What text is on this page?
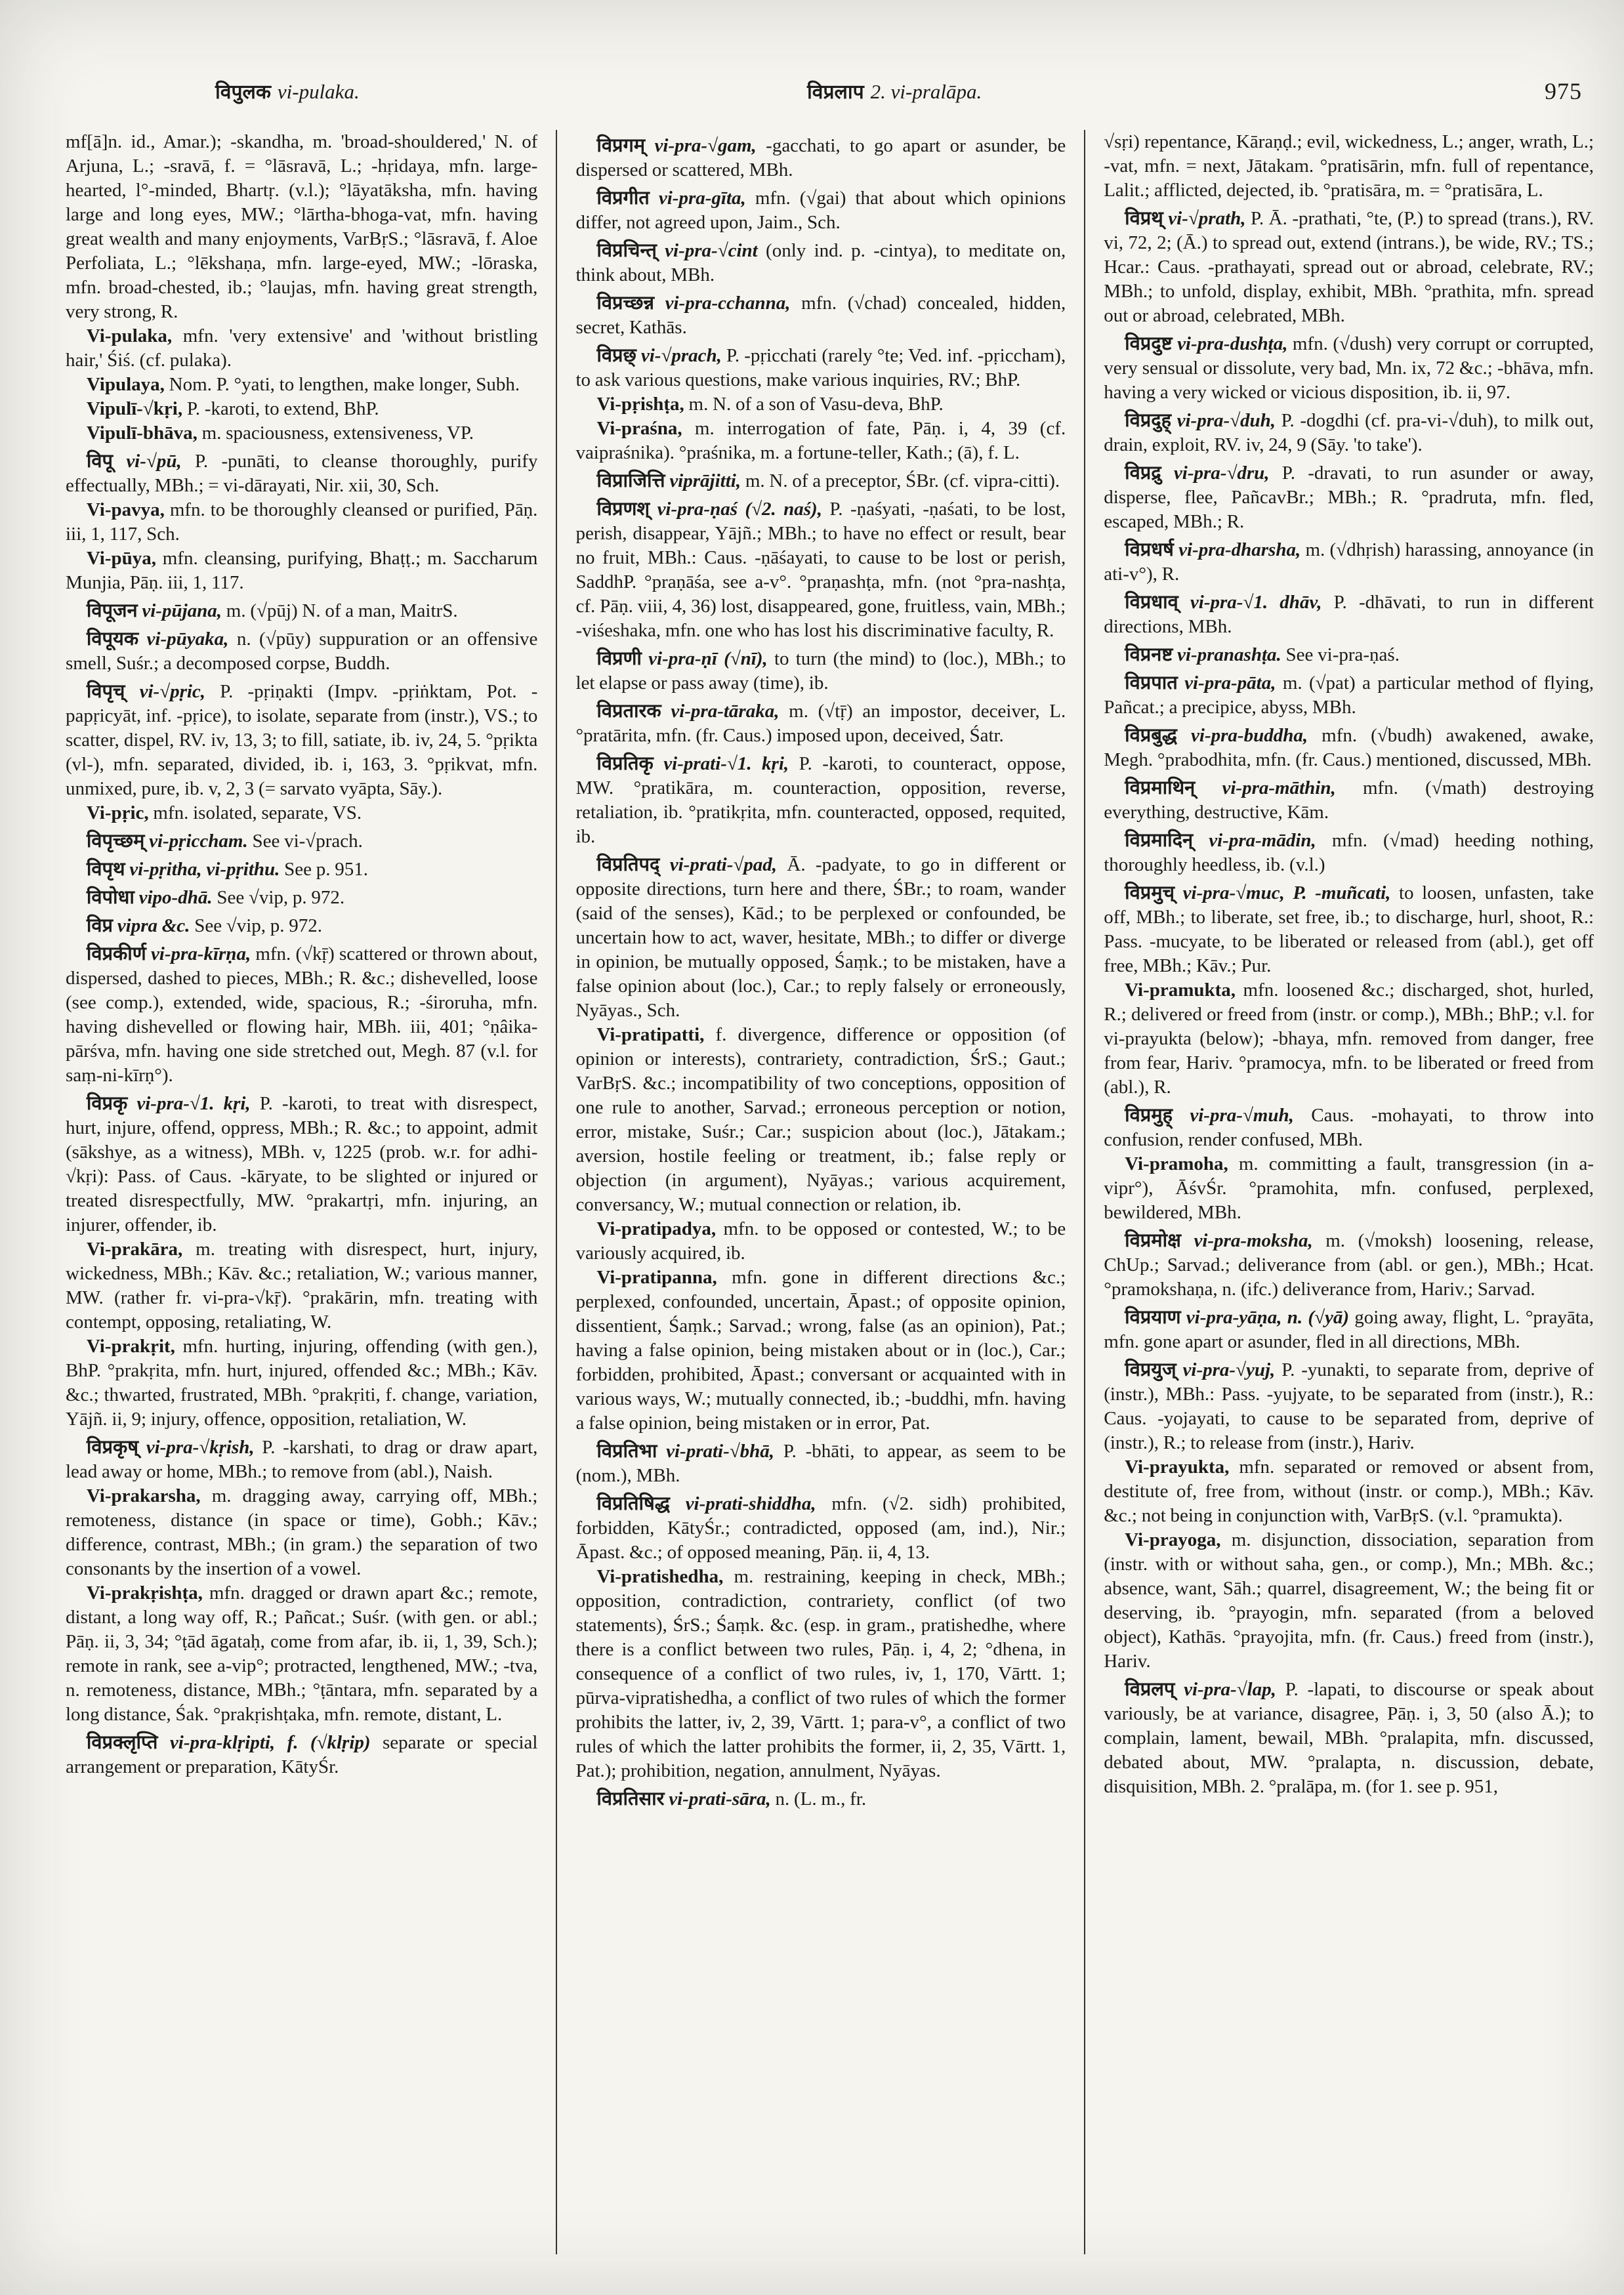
विपुलक vi-pulaka.	विप्रलाप 2. vi-pralāpa.	975

mf[ā]n. id., Amar.); -skandha, m. 'broad-shouldered,' N. of Arjuna, L.; -sravā, f. = °lāsravā, L.; -hṛidaya, mfn. large-hearted, l°-minded, Bhartṛ. (v.l.); °lāyatāksha, mfn. having large and long eyes, MW.; °lārtha-bhoga-vat, mfn. having great wealth and many enjoyments, VarBṛS.; °lāsravā, f. Aloe Perfoliata, L.; °lēkshaṇa, mfn. large-eyed, MW.; -lōraska, mfn. broad-chested, ib.; °laujas, mfn. having great strength, very strong, R.

Vi-pulaka, mfn. 'very extensive' and 'without bristling hair,' Śiś. (cf. pulaka).

Vipulaya, Nom. P. °yati, to lengthen, make longer, Subh.

Vipulī-√kṛi, P. -karoti, to extend, BhP.

Vipulī-bhāva, m. spaciousness, extensiveness, VP.

विपू vi-√pū, P. -punāti, to cleanse thoroughly, purify effectually, MBh.; = vi-dārayati, Nir. xii, 30, Sch.

Vi-pavya, mfn. to be thoroughly cleansed or purified, Pāṇ. iii, 1, 117, Sch.

Vi-pūya, mfn. cleansing, purifying, Bhaṭṭ.; m. Saccharum Munjia, Pāṇ. iii, 1, 117.

विपूजन vi-pūjana, m. (√pūj) N. of a man, MaitrS.

विपूयक vi-pūyaka, n. (√pūy) suppuration or an offensive smell, Suśr.; a decomposed corpse, Buddh.

विपृच् vi-√pṛic, P. -pṛiṇakti (Impv. -pṛiṅktam, Pot. -papṛicyāt, inf. -pṛice), to isolate, separate from (instr.), VS.; to scatter, dispel, RV. iv, 13, 3; to fill, satiate, ib. iv, 24, 5. °pṛikta (vl-), mfn. separated, divided, ib. i, 163, 3. °pṛikvat, mfn. unmixed, pure, ib. v, 2, 3 (= sarvato vyāpta, Sāy.).

Vi-pṛic, mfn. isolated, separate, VS.

विपृच्छम् vi-pṛiccham. See vi-√prach.

विपृथ vi-pṛitha, vi-pṛithu. See p. 951.

विपोधा vipo-dhā. See √vip, p. 972.

विप्र vipra &c. See √vip, p. 972.

विप्रकीर्ण vi-pra-kīrṇa, mfn. (√kṝ) scattered or thrown about, dispersed, dashed to pieces, MBh.; R. &c.; dishevelled, loose (see comp.), extended, wide, spacious, R.; -śiroruha, mfn. having dishevelled or flowing hair, MBh. iii, 401; °ṇâika-pārśva, mfn. having one side stretched out, Megh. 87 (v.l. for saṃ-ni-kīrṇ°).

विप्रकृ vi-pra-√1. kṛi, P. -karoti, to treat with disrespect, hurt, injure, offend, oppress, MBh.; R. &c.; to appoint, admit (sākshye, as a witness), MBh. v, 1225 (prob. w.r. for adhi-√kṛi): Pass. of Caus. -kāryate, to be slighted or injured or treated disrespectfully, MW. °prakartṛi, mfn. injuring, an injurer, offender, ib.

Vi-prakāra, m. treating with disrespect, hurt, injury, wickedness, MBh.; Kāv. &c.; retaliation, W.; various manner, MW. (rather fr. vi-pra-√kṝ). °prakārin, mfn. treating with contempt, opposing, retaliating, W.

Vi-prakṛit, mfn. hurting, injuring, offending (with gen.), BhP. °prakṛita, mfn. hurt, injured, offended &c.; MBh.; Kāv. &c.; thwarted, frustrated, MBh. °prakṛiti, f. change, variation, Yājñ. ii, 9; injury, offence, opposition, retaliation, W.

विप्रकृष् vi-pra-√kṛish, P. -karshati, to drag or draw apart, lead away or home, MBh.; to remove from (abl.), Naish.

Vi-prakarsha, m. dragging away, carrying off, MBh.; remoteness, distance (in space or time), Gobh.; Kāv.; difference, contrast, MBh.; (in gram.) the separation of two consonants by the insertion of a vowel.

Vi-prakṛishṭa, mfn. dragged or drawn apart &c.; remote, distant, a long way off, R.; Pañcat.; Suśr. (with gen. or abl.; Pāṇ. ii, 3, 34; °ṭād āgataḥ, come from afar, ib. ii, 1, 39, Sch.); remote in rank, see a-vip°; protracted, lengthened, MW.; -tva, n. remoteness, distance, MBh.; °ṭāntara, mfn. separated by a long distance, Śak. °prakṛishṭaka, mfn. remote, distant, L.

विप्रक्लृप्ति vi-pra-klṛipti, f. (√klṛip) separate or special arrangement or preparation, KātyŚr.

विप्रगम् vi-pra-√gam, -gacchati, to go apart or asunder, be dispersed or scattered, MBh.

विप्रगीत vi-pra-gīta, mfn. (√gai) that about which opinions differ, not agreed upon, Jaim., Sch.

विप्रचिन्त् vi-pra-√cint (only ind. p. -cintya), to meditate on, think about, MBh.

विप्रच्छन्न vi-pra-cchanna, mfn. (√chad) concealed, hidden, secret, Kathās.

विप्रछ् vi-√prach, P. -pṛicchati (rarely °te; Ved. inf. -pṛiccham), to ask various questions, make various inquiries, RV.; BhP.

Vi-pṛishṭa, m. N. of a son of Vasu-deva, BhP.

Vi-praśna, m. interrogation of fate, Pāṇ. i, 4, 39 (cf. vaipraśnika). °praśnika, m. a fortune-teller, Kath.; (ā), f. L.

विप्राजित्ति viprājitti, m. N. of a preceptor, ŚBr. (cf. vipra-citti).

विप्रणश् vi-pra-ṇaś (√2. naś), P. -ṇaśyati, -ṇaśati, to be lost, perish, disappear, Yājñ.; MBh.; to have no effect or result, bear no fruit, MBh.: Caus. -ṇāśayati, to cause to be lost or perish, SaddhP. °praṇāśa, see a-v°. °praṇashṭa, mfn. (not °pra-nashṭa, cf. Pāṇ. viii, 4, 36) lost, disappeared, gone, fruitless, vain, MBh.; -viśeshaka, mfn. one who has lost his discriminative faculty, R.

विप्रणी vi-pra-ṇī (√nī), to turn (the mind) to (loc.), MBh.; to let elapse or pass away (time), ib.

विप्रतारक vi-pra-tāraka, m. (√tṝ) an impostor, deceiver, L. °pratārita, mfn. (fr. Caus.) imposed upon, deceived, Śatr.

विप्रतिकृ vi-prati-√1. kṛi, P. -karoti, to counteract, oppose, MW. °pratikāra, m. counteraction, opposition, reverse, retaliation, ib. °pratikṛita, mfn. counteracted, opposed, requited, ib.

विप्रतिपद् vi-prati-√pad, Ā. -padyate, to go in different or opposite directions, turn here and there, ŚBr.; to roam, wander (said of the senses), Kād.; to be perplexed or confounded, be uncertain how to act, waver, hesitate, MBh.; to differ or diverge in opinion, be mutually opposed, Śaṃk.; to be mistaken, have a false opinion about (loc.), Car.; to reply falsely or erroneously, Nyāyas., Sch.

Vi-pratipatti, f. divergence, difference or opposition (of opinion or interests), contrariety, contradiction, ŚrS.; Gaut.; VarBṛS. &c.; incompatibility of two conceptions, opposition of one rule to another, Sarvad.; erroneous perception or notion, error, mistake, Suśr.; Car.; suspicion about (loc.), Jātakam.; aversion, hostile feeling or treatment, ib.; false reply or objection (in argument), Nyāyas.; various acquirement, conversancy, W.; mutual connection or relation, ib.

Vi-pratipadya, mfn. to be opposed or contested, W.; to be variously acquired, ib.

Vi-pratipanna, mfn. gone in different directions &c.; perplexed, confounded, uncertain, Āpast.; of opposite opinion, dissentient, Śaṃk.; Sarvad.; wrong, false (as an opinion), Pat.; having a false opinion, being mistaken about or in (loc.), Car.; forbidden, prohibited, Āpast.; conversant or acquainted with in various ways, W.; mutually connected, ib.; -buddhi, mfn. having a false opinion, being mistaken or in error, Pat.

विप्रतिभा vi-prati-√bhā, P. -bhāti, to appear, as seem to be (nom.), MBh.

विप्रतिषिद्ध vi-prati-shiddha, mfn. (√2. sidh) prohibited, forbidden, KātyŚr.; contradicted, opposed (am, ind.), Nir.; Āpast. &c.; of opposed meaning, Pāṇ. ii, 4, 13.

Vi-pratishedha, m. restraining, keeping in check, MBh.; opposition, contradiction, contrariety, conflict (of two statements), ŚrS.; Śaṃk. &c. (esp. in gram., pratishedhe, where there is a conflict between two rules, Pāṇ. i, 4, 2; °dhena, in consequence of a conflict of two rules, iv, 1, 170, Vārtt. 1; pūrva-vipratishedha, a conflict of two rules of which the former prohibits the latter, iv, 2, 39, Vārtt. 1; para-v°, a conflict of two rules of which the latter prohibits the former, ii, 2, 35, Vārtt. 1, Pat.); prohibition, negation, annulment, Nyāyas.

विप्रतिसार vi-prati-sāra, n. (L. m., fr.

√sṛi) repentance, Kāraṇḍ.; evil, wickedness, L.; anger, wrath, L.; -vat, mfn. = next, Jātakam. °pratisārin, mfn. full of repentance, Lalit.; afflicted, dejected, ib. °pratisāra, m. = °pratisāra, L.

विप्रथ् vi-√prath, P. Ā. -prathati, °te, (P.) to spread (trans.), RV. vi, 72, 2; (Ā.) to spread out, extend (intrans.), be wide, RV.; TS.; Hcar.: Caus. -prathayati, spread out or abroad, celebrate, RV.; MBh.; to unfold, display, exhibit, MBh. °prathita, mfn. spread out or abroad, celebrated, MBh.

विप्रदुष्ट vi-pra-dushṭa, mfn. (√dush) very corrupt or corrupted, very sensual or dissolute, very bad, Mn. ix, 72 &c.; -bhāva, mfn. having a very wicked or vicious disposition, ib. ii, 97.

विप्रदुह् vi-pra-√duh, P. -dogdhi (cf. pra-vi-√duh), to milk out, drain, exploit, RV. iv, 24, 9 (Sāy. 'to take').

विप्रद्रु vi-pra-√dru, P. -dravati, to run asunder or away, disperse, flee, PañcavBr.; MBh.; R. °pradruta, mfn. fled, escaped, MBh.; R.

विप्रधर्ष vi-pra-dharsha, m. (√dhṛish) harassing, annoyance (in ati-v°), R.

विप्रधाव् vi-pra-√1. dhāv, P. -dhāvati, to run in different directions, MBh.

विप्रनष्ट vi-pranashṭa. See vi-pra-ṇaś.

विप्रपात vi-pra-pāta, m. (√pat) a particular method of flying, Pañcat.; a precipice, abyss, MBh.

विप्रबुद्ध vi-pra-buddha, mfn. (√budh) awakened, awake, Megh. °prabodhita, mfn. (fr. Caus.) mentioned, discussed, MBh.

विप्रमाथिन् vi-pra-māthin, mfn. (√math) destroying everything, destructive, Kām.

विप्रमादिन् vi-pra-mādin, mfn. (√mad) heeding nothing, thoroughly heedless, ib. (v.l.)

विप्रमुच् vi-pra-√muc, P. -muñcati, to loosen, unfasten, take off, MBh.; to liberate, set free, ib.; to discharge, hurl, shoot, R.: Pass. -mucyate, to be liberated or released from (abl.), get off free, MBh.; Kāv.; Pur.

Vi-pramukta, mfn. loosened &c.; discharged, shot, hurled, R.; delivered or freed from (instr. or comp.), MBh.; BhP.; v.l. for vi-prayukta (below); -bhaya, mfn. removed from danger, free from fear, Hariv. °pramocya, mfn. to be liberated or freed from (abl.), R.

विप्रमुह् vi-pra-√muh, Caus. -mohayati, to throw into confusion, render confused, MBh.

Vi-pramoha, m. committing a fault, transgression (in a-vipr°), ĀśvŚr. °pramohita, mfn. confused, perplexed, bewildered, MBh.

विप्रमोक्ष vi-pra-moksha, m. (√moksh) loosening, release, ChUp.; Sarvad.; deliverance from (abl. or gen.), MBh.; Hcat. °pramokshaṇa, n. (ifc.) deliverance from, Hariv.; Sarvad.

विप्रयाण vi-pra-yāṇa, n. (√yā) going away, flight, L. °prayāta, mfn. gone apart or asunder, fled in all directions, MBh.

विप्रयुज् vi-pra-√yuj, P. -yunakti, to separate from, deprive of (instr.), MBh.: Pass. -yujyate, to be separated from (instr.), R.: Caus. -yojayati, to cause to be separated from, deprive of (instr.), R.; to release from (instr.), Hariv.

Vi-prayukta, mfn. separated or removed or absent from, destitute of, free from, without (instr. or comp.), MBh.; Kāv. &c.; not being in conjunction with, VarBṛS. (v.l. °pramukta).

Vi-prayoga, m. disjunction, dissociation, separation from (instr. with or without saha, gen., or comp.), Mn.; MBh. &c.; absence, want, Sāh.; quarrel, disagreement, W.; the being fit or deserving, ib. °prayogin, mfn. separated (from a beloved object), Kathās. °prayojita, mfn. (fr. Caus.) freed from (instr.), Hariv.

विप्रलप् vi-pra-√lap, P. -lapati, to discourse or speak about variously, be at variance, disagree, Pāṇ. i, 3, 50 (also Ā.); to complain, lament, bewail, MBh. °pralapita, mfn. discussed, debated about, MW. °pralapta, n. discussion, debate, disquisition, MBh. 2. °pralāpa, m. (for 1. see p. 951,
